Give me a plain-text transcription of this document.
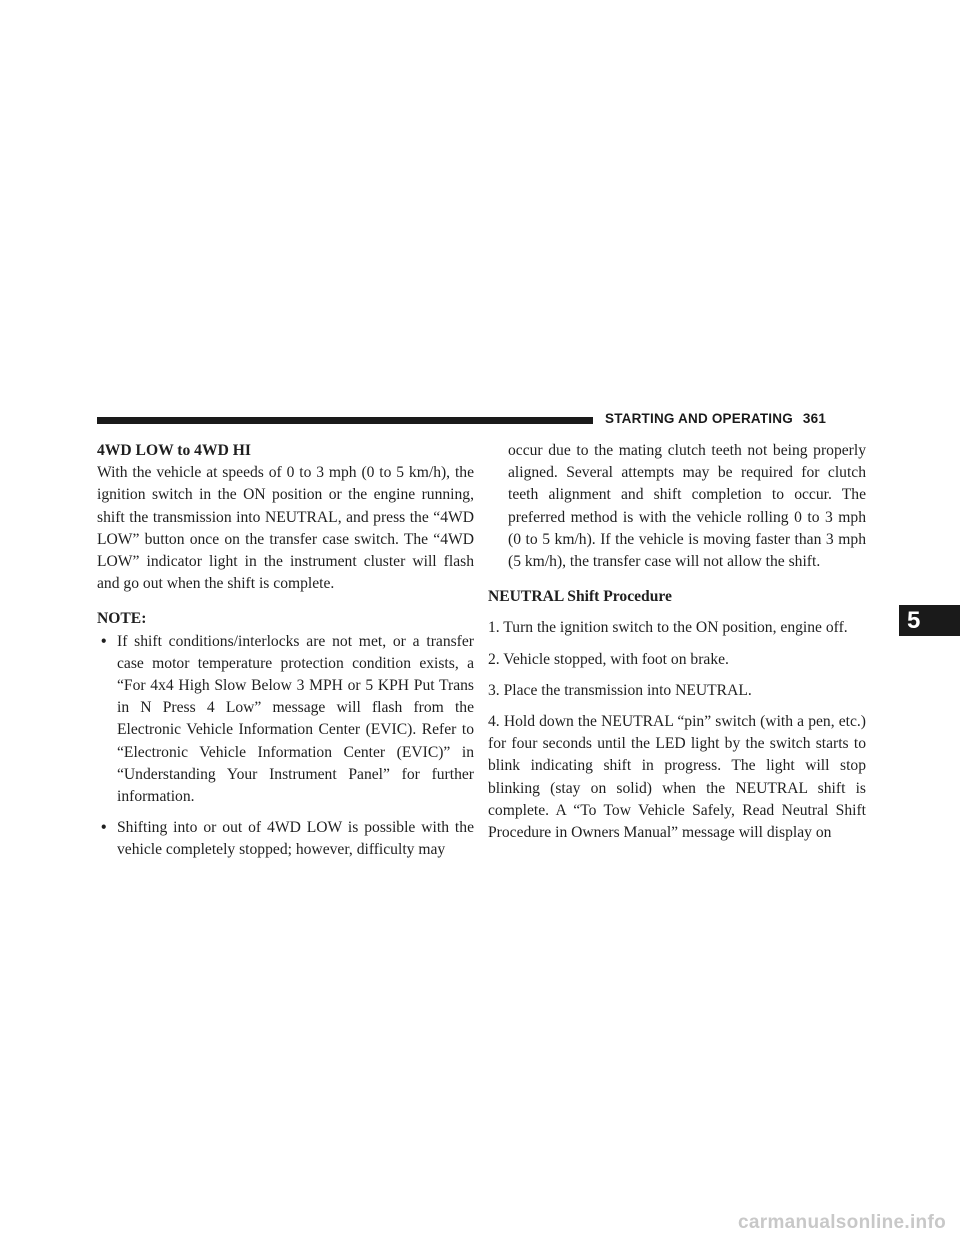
STARTING AND OPERATING 361

4WD LOW to 4WD HI

With the vehicle at speeds of 0 to 3 mph (0 to 5 km/h), the ignition switch in the ON position or the engine running, shift the transmission into NEUTRAL, and press the “4WD LOW” button once on the transfer case switch. The “4WD LOW” indicator light in the instrument cluster will flash and go out when the shift is complete.

NOTE:

• If shift conditions/interlocks are not met, or a transfer case motor temperature protection condition exists, a “For 4x4 High Slow Below 3 MPH or 5 KPH Put Trans in N Press 4 Low” message will flash from the Electronic Vehicle Information Center (EVIC). Refer to “Electronic Vehicle Information Center (EVIC)” in “Understanding Your Instrument Panel” for further information.

• Shifting into or out of 4WD LOW is possible with the vehicle completely stopped; however, difficulty may

occur due to the mating clutch teeth not being properly aligned. Several attempts may be required for clutch teeth alignment and shift completion to occur. The preferred method is with the vehicle rolling 0 to 3 mph (0 to 5 km/h). If the vehicle is moving faster than 3 mph (5 km/h), the transfer case will not allow the shift.

NEUTRAL Shift Procedure

1. Turn the ignition switch to the ON position, engine off.

2. Vehicle stopped, with foot on brake.

3. Place the transmission into NEUTRAL.

4. Hold down the NEUTRAL “pin” switch (with a pen, etc.) for four seconds until the LED light by the switch starts to blink indicating shift in progress. The light will stop blinking (stay on solid) when the NEUTRAL shift is complete. A “To Tow Vehicle Safely, Read Neutral Shift Procedure in Owners Manual” message will display on

5
carmanualsonline.info
